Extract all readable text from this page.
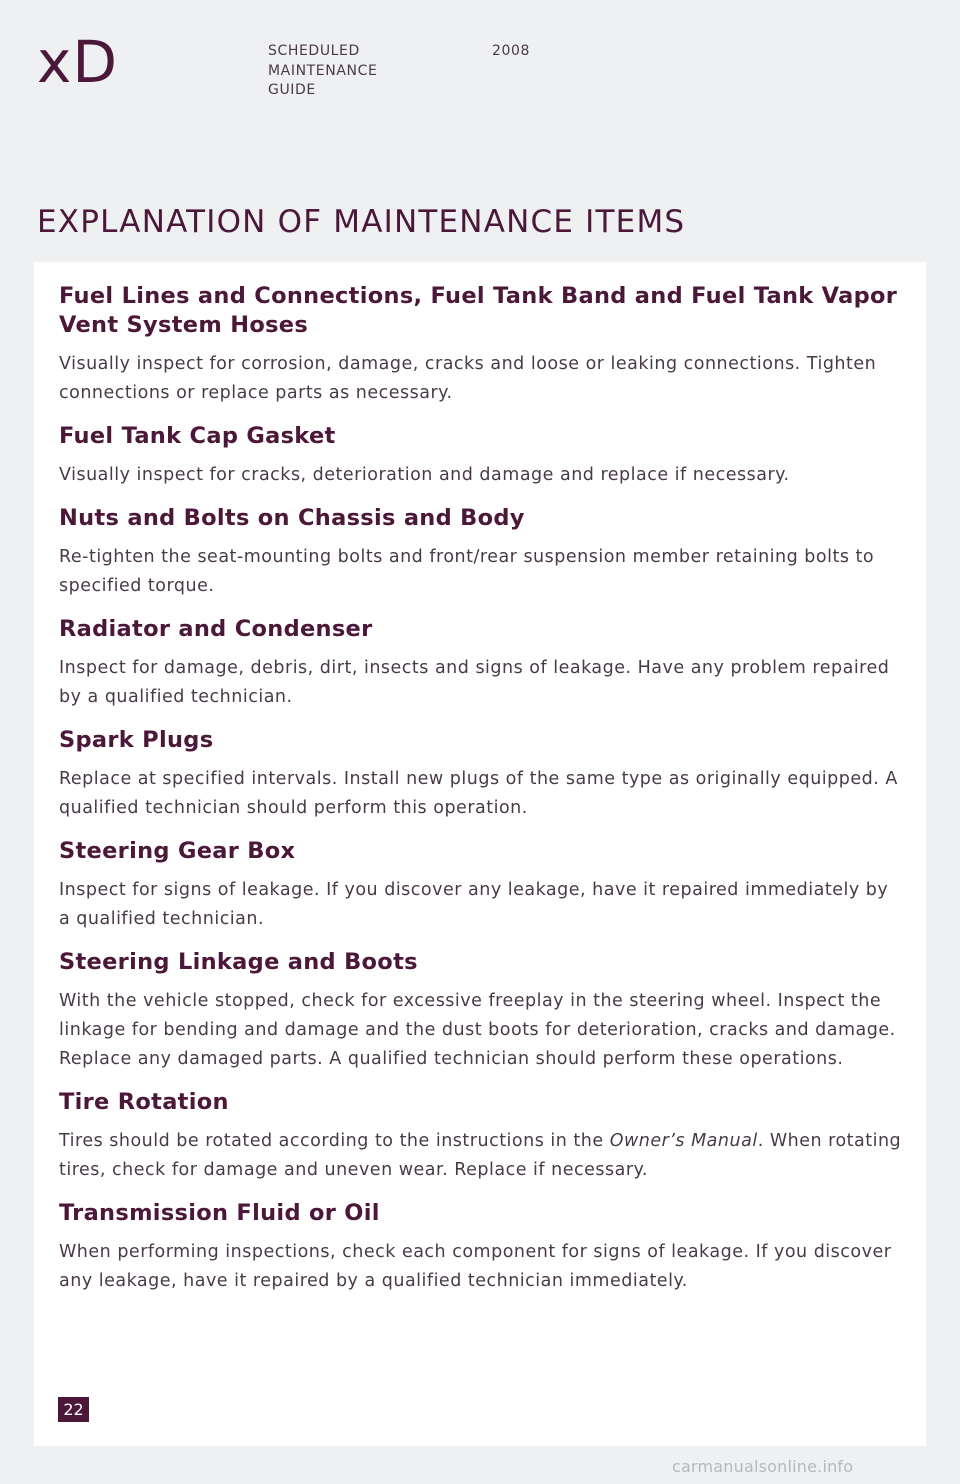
xD	SCHEDULED
MAINTENANCE
GUIDE
2008
EXPLANATION OF MAINTENANCE ITEMS
Fuel Lines and Connections, Fuel Tank Band and Fuel Tank Vapor Vent System Hoses

Visually inspect for corrosion, damage, cracks and loose or leaking connections. Tighten connections or replace parts as necessary.

Fuel Tank Cap Gasket

Visually inspect for cracks, deterioration and damage and replace if necessary.

Nuts and Bolts on Chassis and Body

Re-tighten the seat-mounting bolts and front/rear suspension member retaining bolts to specified torque.

Radiator and Condenser

Inspect for damage, debris, dirt, insects and signs of leakage. Have any problem repaired by a qualified technician.

Spark Plugs

Replace at specified intervals. Install new plugs of the same type as originally equipped. A qualified technician should perform this operation.

Steering Gear Box

Inspect for signs of leakage. If you discover any leakage, have it repaired immediately by a qualified technician.

Steering Linkage and Boots

With the vehicle stopped, check for excessive freeplay in the steering wheel. Inspect the linkage for bending and damage and the dust boots for deterioration, cracks and damage. Replace any damaged parts. A qualified technician should perform these operations.

Tire Rotation

Tires should be rotated according to the instructions in the Owner’s Manual. When rotating tires, check for damage and uneven wear. Replace if necessary.

Transmission Fluid or Oil

When performing inspections, check each component for signs of leakage. If you discover any leakage, have it repaired by a qualified technician immediately.

22
carmanualsonline.info
